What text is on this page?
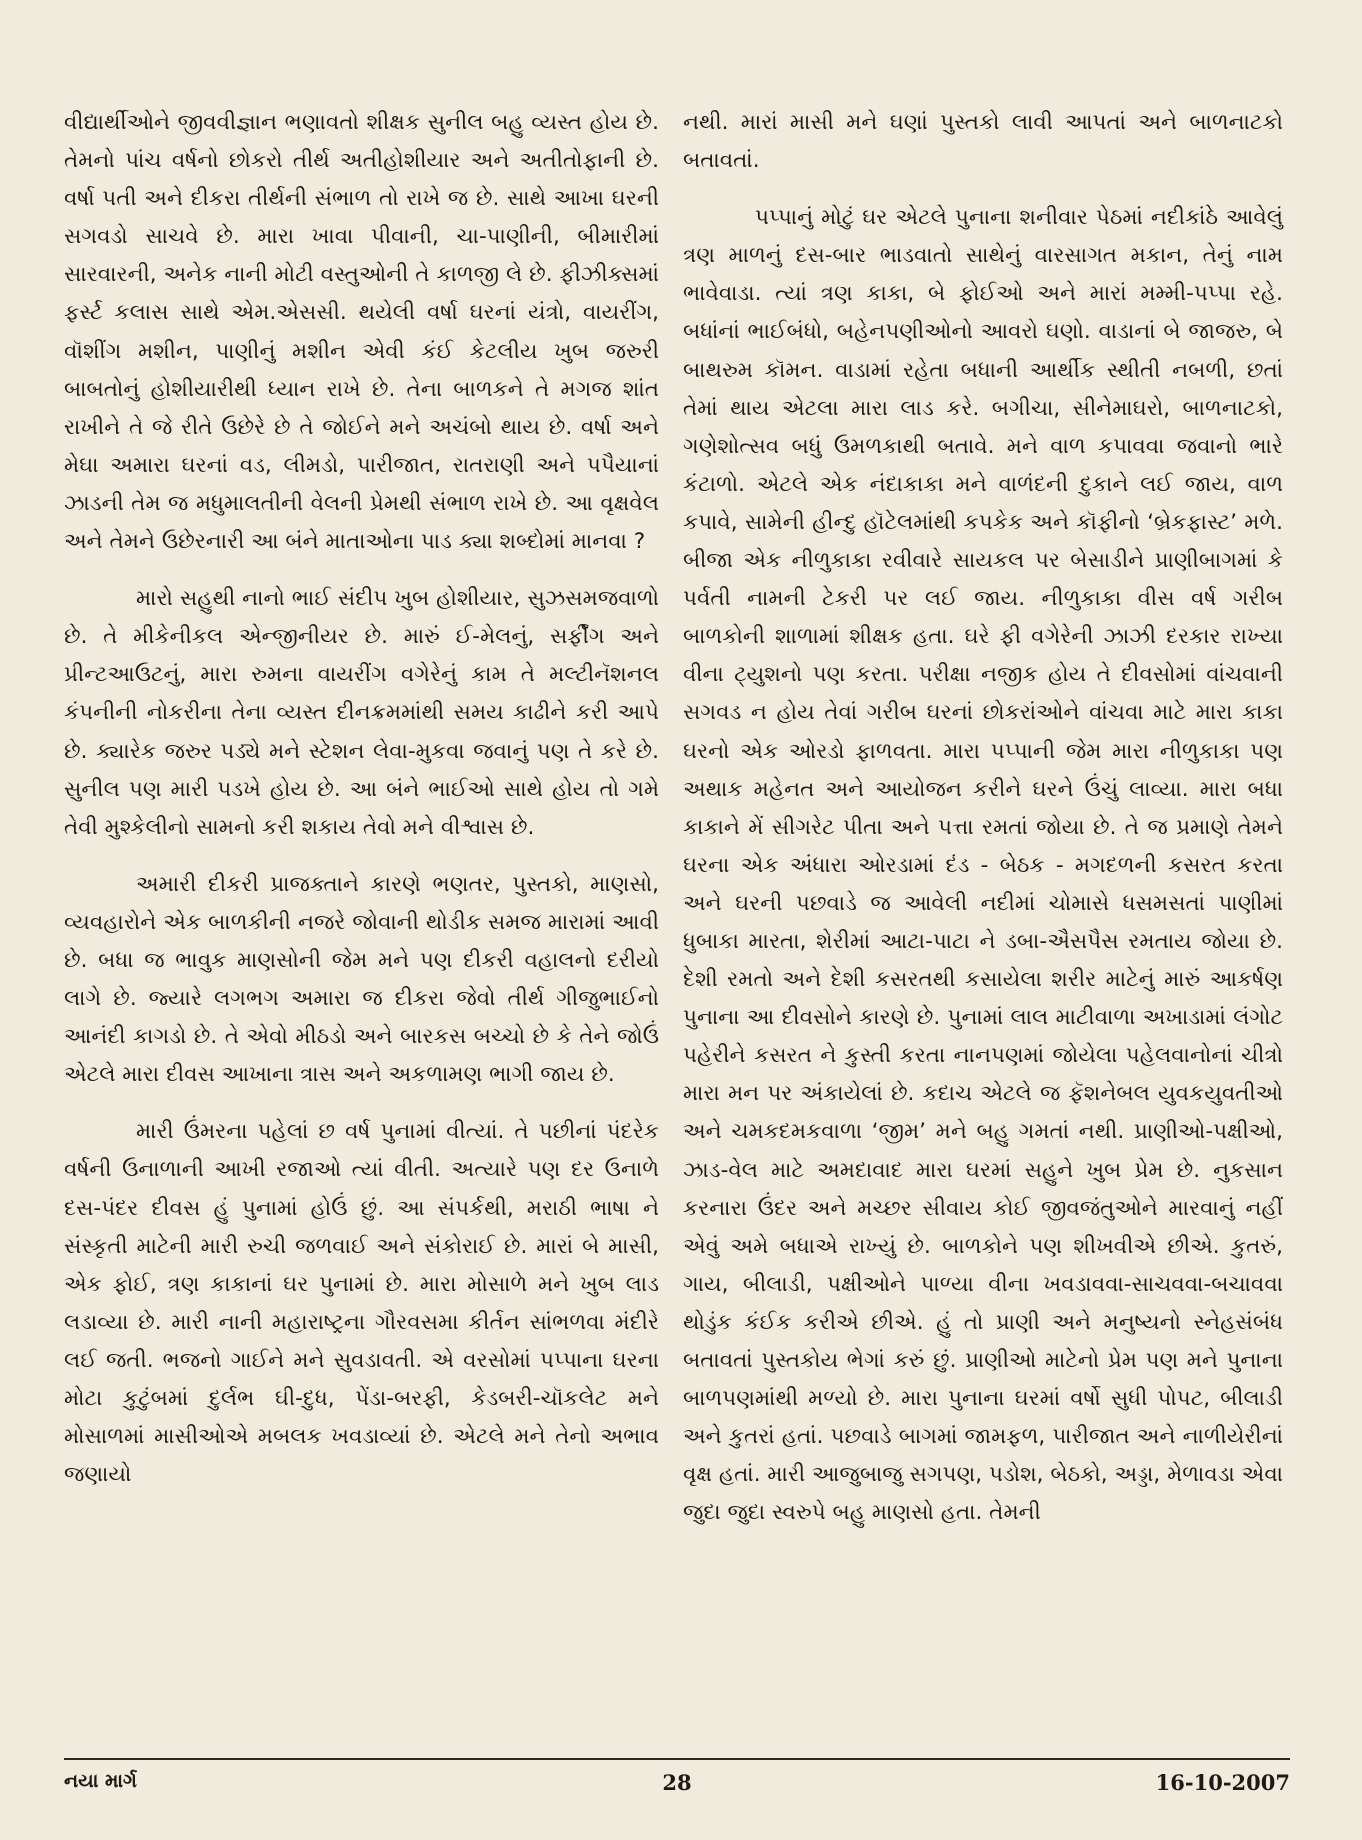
વીદ્યાર્થીઓને જીવવીજ્ઞાન ભણાવતો શીક્ષક સુનીલ બહુ વ્યસ્ત હોય છે. તેમનો પાંચ વર્ષનો છોકરો તીર્થ અતીહોશીયાર અને અતીતોફાની છે. વર્ષા પતી અને દીકરા તીર્થની સંભાળ તો રાખે જ છે. સાથે આખા ઘરની સગવડો સાચવે છે. મારા ખાવા પીવાની, ચા-પાણીની, બીમારીમાં સારવારની, અનેક નાની મોટી વસ્તુઓની તે કાળજી લે છે. ફીઝીક્સમાં ફર્સ્ટ કલાસ સાથે એમ.એસસી. થયેલી વર્ષા ઘરનાં યંત્રો, વાયરીંગ, વૉશીંગ મશીન, પાણીનું મશીન એવી કંઈ કેટલીય ખુબ જરુરી બાબતોનું હોશીયારીથી ધ્યાન રાખે છે. તેના બાળકને તે મગજ શાંત રાખીને તે જે રીતે ઉછેરે છે તે જોઈને મને અચંબો થાય છે. વર્ષા અને મેઘા અમારા ઘરનાં વડ, લીમડો, પારીજાત, રાતરાણી અને પપૈયાનાં ઝાડની તેમ જ મધુમાલતીની વેલની પ્રેમથી સંભાળ રાખે છે. આ વૃક્ષવેલ અને તેમને ઉછેરનારી આ બંને માતાઓના પાડ ક્યા શબ્દોમાં માનવા ?

મારો સહુથી નાનો ભાઈ સંદીપ ખુબ હોશીયાર, સુઝસમજવાળો છે. તે મીકેનીકલ એન્જીનીયર છે. મારું ઈ-મેલનું, સર્ફીંગ અને પ્રીન્ટઆઉટનું, મારા રુમના વાયરીંગ વગેરેનું કામ તે મલ્ટીનૅશનલ કંપનીની નોકરીના તેના વ્યસ્ત દીનક્રમમાંથી સમય કાઢીને કરી આપે છે. ક્યારેક જરુર પડ્યે મને સ્ટેશન લેવા-મુકવા જવાનું પણ તે કરે છે. સુનીલ પણ મારી પડખે હોય છે. આ બંને ભાઈઓ સાથે હોય તો ગમે તેવી મુશ્કેલીનો સામનો કરી શકાય તેવો મને વીશ્વાસ છે.

અમારી દીકરી પ્રાજક્તાને કારણે ભણતર, પુસ્તકો, માણસો, વ્યવહારોને એક બાળકીની નજરે જોવાની થોડીક સમજ મારામાં આવી છે. બધા જ ભાવુક માણસોની જેમ મને પણ દીકરી વહાલનો દરીયો લાગે છે. જ્યારે લગભગ અમારા જ દીકરા જેવો તીર્થ ગીજુભાઈનો આનંદી કાગડો છે. તે એવો મીઠડો અને બારકસ બચ્ચો છે કે તેને જોઉં એટલે મારા દીવસ આખાના ત્રાસ અને અકળામણ ભાગી જાય છે.

મારી ઉંમરના પહેલાં છ વર્ષ પુનામાં વીત્યાં. તે પછીનાં પંદરેક વર્ષની ઉનાળાની આખી રજાઓ ત્યાં વીતી. અત્યારે પણ દર ઉનાળે દસ-પંદર દીવસ હું પુનામાં હોઉં છું. આ સંપર્કથી, મરાઠી ભાષા ને સંસ્કૃતી માટેની મારી રુચી જળવાઈ અને સંકોરાઈ છે. મારાં બે માસી, એક ફોઈ, ત્રણ કાકાનાં ઘર પુનામાં છે. મારા મોસાળે મને ખુબ લાડ લડાવ્યા છે. મારી નાની મહારાષ્ટ્રના ગૌરવસમા કીર્તન સાંભળવા મંદીરે લઈ જતી. ભજનો ગાઈને મને સુવડાવતી. એ વરસોમાં પપ્પાના ઘરના મોટા કુટુંબમાં દુર્લભ ઘી-દુધ, પેંડા-બરફી, કેડબરી-ચૉકલેટ મને મોસાળમાં માસીઓએ મબલક ખવડાવ્યાં છે. એટલે મને તેનો અભાવ જણાયો

નથી. મારાં માસી મને ઘણાં પુસ્તકો લાવી આપતાં અને બાળનાટકો બતાવતાં.

પપ્પાનું મોટું ઘર એટલે પુનાના શનીવાર પેઠમાં નદીકાંઠે આવેલું ત્રણ માળનું દસ-બાર ભાડવાતો સાથેનું વારસાગત મકાન, તેનું નામ ભાવેવાડા. ત્યાં ત્રણ કાકા, બે ફોઈઓ અને મારાં મમ્મી-પપ્પા રહે. બધાંનાં ભાઈબંધો, બહેનપણીઓનો આવરો ઘણો. વાડાનાં બે જાજરુ, બે બાથરુમ કૉમન. વાડામાં રહેતા બધાની આર્થીક સ્થીતી નબળી, છતાં તેમાં થાય એટલા મારા લાડ કરે. બગીચા, સીનેમાઘરો, બાળનાટકો, ગણેશોત્સવ બધું ઉમળકાથી બતાવે. મને વાળ કપાવવા જવાનો ભારે કંટાળો. એટલે એક નંદાકાકા મને વાળંદની દુકાને લઈ જાય, વાળ કપાવે, સામેની હીન્દુ હૉટેલમાંથી કપકેક અને કૉફીનો ‘બ્રેકફાસ્ટ’ મળે. બીજા એક નીળુકાકા રવીવારે સાયકલ પર બેસાડીને પ્રાણીબાગમાં કે પર્વતી નામની ટેકરી પર લઈ જાય. નીળુકાકા વીસ વર્ષ ગરીબ બાળકોની શાળામાં શીક્ષક હતા. ઘરે ફી વગેરેની ઝાઝી દરકાર રાખ્યા વીના ટ્યુશનો પણ કરતા. પરીક્ષા નજીક હોય તે દીવસોમાં વાંચવાની સગવડ ન હોય તેવાં ગરીબ ઘરનાં છોકરાંઓને વાંચવા માટે મારા કાકા ઘરનો એક ઓરડો ફાળવતા. મારા પપ્પાની જેમ મારા નીળુકાકા પણ અથાક મહેનત અને આયોજન કરીને ઘરને ઉંચું લાવ્યા. મારા બધા કાકાને મેં સીગરેટ પીતા અને પત્તા રમતાં જોયા છે. તે જ પ્રમાણે તેમને ઘરના એક અંધારા ઓરડામાં દંડ - બેઠક - મગદળની કસરત કરતા અને ઘરની પછવાડે જ આવેલી નદીમાં ચોમાસે ધસમસતાં પાણીમાં ધુબાકા મારતા, શેરીમાં આટા-પાટા ને ડબા-ઐસપૈસ રમતાય જોયા છે. દેશી રમતો અને દેશી કસરતથી કસાયેલા શરીર માટેનું મારું આકર્ષણ પુનાના આ દીવસોને કારણે છે. પુનામાં લાલ માટીવાળા અખાડામાં લંગોટ પહેરીને કસરત ને કુસ્તી કરતા નાનપણમાં જોયેલા પહેલવાનોનાં ચીત્રો મારા મન પર અંકાયેલાં છે. કદાચ એટલે જ ફૅશનેબલ યુવકયુવતીઓ અને ચમકદમકવાળા ‘જીમ’ મને બહુ ગમતાં નથી. પ્રાણીઓ-પક્ષીઓ, ઝાડ-વેલ માટે અમદાવાદ મારા ઘરમાં સહુને ખુબ પ્રેમ છે. નુકસાન કરનારા ઉંદર અને મચ્છર સીવાય કોઈ જીવજંતુઓને મારવાનું નહીં એવું અમે બધાએ રાખ્યું છે. બાળકોને પણ શીખવીએ છીએ. કુતરું, ગાય, બીલાડી, પક્ષીઓને પાળ્યા વીના ખવડાવવા-સાચવવા-બચાવવા થોડુંક કંઈક કરીએ છીએ. હું તો પ્રાણી અને મનુષ્યનો સ્નેહસંબંધ બતાવતાં પુસ્તકોય ભેગાં કરું છું. પ્રાણીઓ માટેનો પ્રેમ પણ મને પુનાના બાળપણમાંથી મળ્યો છે. મારા પુનાના ઘરમાં વર્ષો સુધી પોપટ, બીલાડી અને કુતરાં હતાં. પછવાડે બાગમાં જામફળ, પારીજાત અને નાળીયેરીનાં વૃક્ષ હતાં. મારી આજુબાજુ સગપણ, પડોશ, બેઠકો, અડ્ડા, મેળાવડા એવા જુદા જુદા સ્વરુપે બહુ માણસો હતા. તેમની

નયા માર્ગ	28	16-10-2007
